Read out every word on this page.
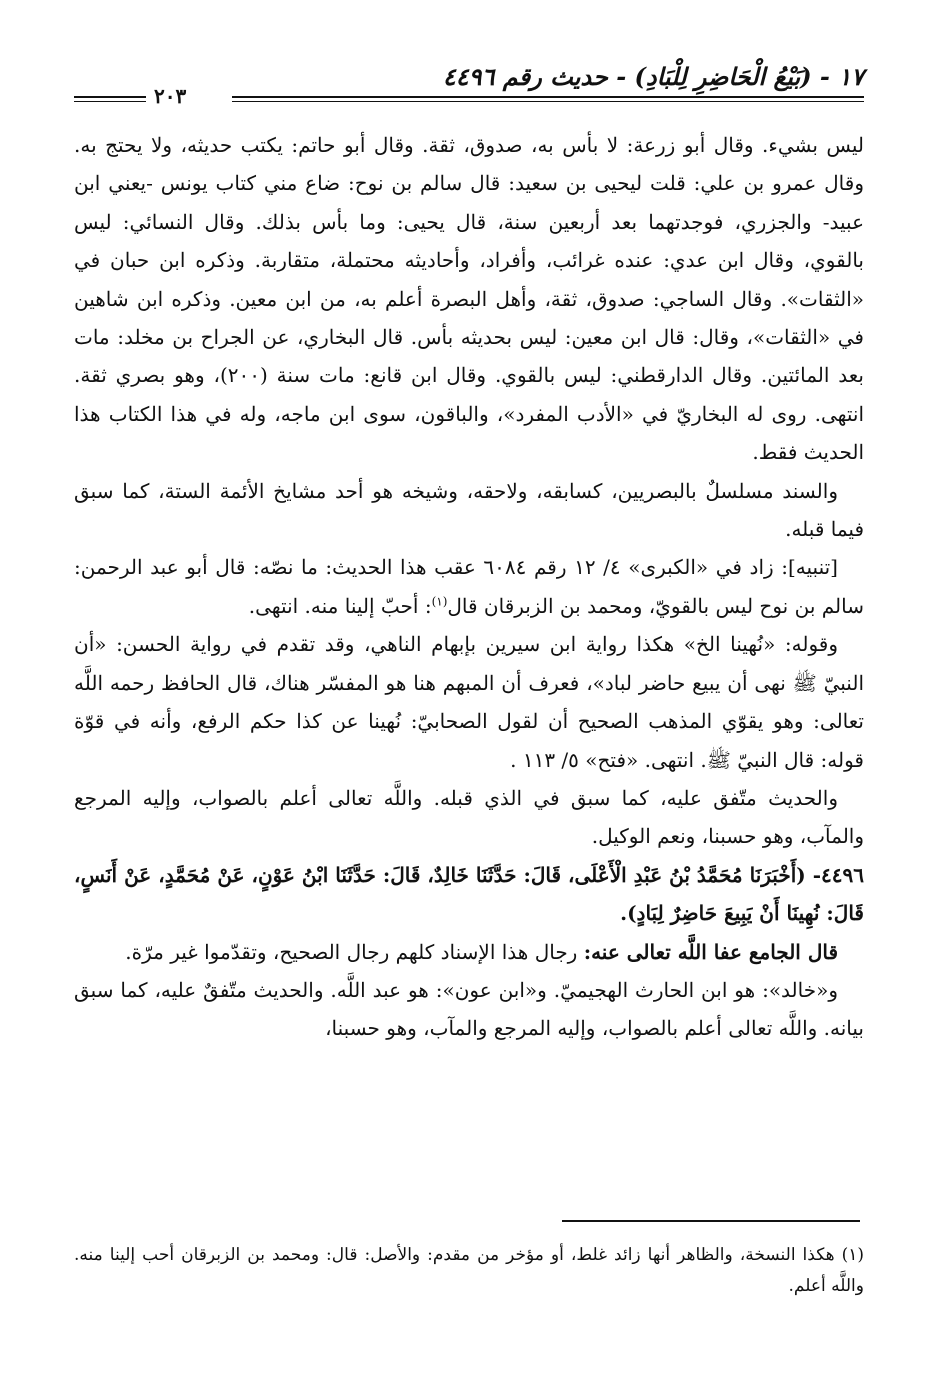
١٧ - (بَيْعُ الْحَاضِرِ لِلْبَادِ) - حديث رقم ٤٤٩٦
٢٠٣

ليس بشيء. وقال أبو زرعة: لا بأس به، صدوق، ثقة. وقال أبو حاتم: يكتب حديثه، ولا يحتج به. وقال عمرو بن علي: قلت ليحيى بن سعيد: قال سالم بن نوح: ضاع مني كتاب يونس -يعني ابن عبيد- والجزري، فوجدتهما بعد أربعين سنة، قال يحيى: وما بأس بذلك. وقال النسائي: ليس بالقوي، وقال ابن عدي: عنده غرائب، وأفراد، وأحاديثه محتملة، متقاربة. وذكره ابن حبان في «الثقات». وقال الساجي: صدوق، ثقة، وأهل البصرة أعلم به، من ابن معين. وذكره ابن شاهين في «الثقات»، وقال: قال ابن معين: ليس بحديثه بأس. قال البخاري، عن الجراح بن مخلد: مات بعد المائتين. وقال الدارقطني: ليس بالقوي. وقال ابن قانع: مات سنة (٢٠٠)، وهو بصري ثقة. انتهى. روى له البخاريّ في «الأدب المفرد»، والباقون، سوى ابن ماجه، وله في هذا الكتاب هذا الحديث فقط.

والسند مسلسلٌ بالبصريين، كسابقه، ولاحقه، وشيخه هو أحد مشايخ الأئمة الستة، كما سبق فيما قبله.

[تنبيه]: زاد في «الكبرى» ٤/ ١٢ رقم ٦٠٨٤ عقب هذا الحديث: ما نصّه: قال أبو عبد الرحمن: سالم بن نوح ليس بالقويّ، ومحمد بن الزبرقان قال$^{(١)}$: أحبّ إلينا منه. انتهى.

وقوله: «نُهينا الخ» هكذا رواية ابن سيرين بإبهام الناهي، وقد تقدم في رواية الحسن: «أن النبيّ ﷺ نهى أن يبيع حاضر لباد»، فعرف أن المبهم هنا هو المفسّر هناك، قال الحافظ رحمه اللَّه تعالى: وهو يقوّي المذهب الصحيح أن لقول الصحابيّ: نُهينا عن كذا حكم الرفع، وأنه في قوّة قوله: قال النبيّ ﷺ. انتهى. «فتح» ٥/ ١١٣ .

والحديث متّفق عليه، كما سبق في الذي قبله. واللَّه تعالى أعلم بالصواب، وإليه المرجع والمآب، وهو حسبنا، ونعم الوكيل.

٤٤٩٦- (أَخْبَرَنَا مُحَمَّدُ بْنُ عَبْدِ الْأَعْلَى، قَالَ: حَدَّثَنَا خَالِدٌ، قَالَ: حَدَّثَنَا ابْنُ عَوْنٍ، عَنْ مُحَمَّدٍ، عَنْ أَنَسٍ، قَالَ: نُهِينَا أَنْ يَبِيعَ حَاضِرٌ لِبَادٍ).

قال الجامع عفا اللَّه تعالى عنه: رجال هذا الإسناد كلهم رجال الصحيح، وتقدّموا غير مرّة.

و«خالد»: هو ابن الحارث الهجيميّ. و«ابن عون»: هو عبد اللَّه. والحديث متّفقٌ عليه، كما سبق بيانه. واللَّه تعالى أعلم بالصواب، وإليه المرجع والمآب، وهو حسبنا،

(١) هكذا النسخة، والظاهر أنها زائد غلط، أو مؤخر من مقدم: والأصل: قال: ومحمد بن الزبرقان أحب إلينا منه. واللَّه أعلم.
